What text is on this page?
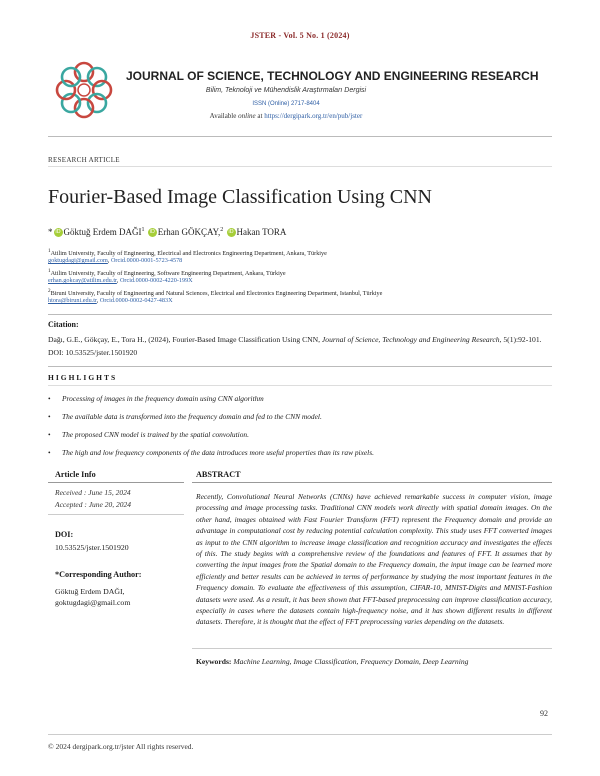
JSTER - Vol. 5 No. 1 (2024)
JOURNAL OF SCIENCE, TECHNOLOGY AND ENGINEERING RESEARCH
Bilim, Teknoloji ve Mühendislik Araştırmaları Dergisi
ISSN (Online) 2717-8404
Available online at https://dergipark.org.tr/en/pub/jster
RESEARCH ARTICLE
Fourier-Based Image Classification Using CNN
* iD Göktuğ Erdem DAĞI$^1$ iD Erhan GÖKÇAY,$^2$ iD Hakan TORA
$^1$Atilim University, Faculty of Engineering, Electrical and Electronics Engineering Department, Ankara, Türkiye
goktugdagi@gmail.com, Orcid.0000-0001-5723-4578
$^1$Atilim University, Faculty of Engineering, Software Engineering Department, Ankara, Türkiye
erhan.gokcay@atilim.edu.tr, Orcid.0000-0002-4220-199X
$^2$Biruni University, Faculty of Engineering and Natural Sciences, Electrical and Electronics Engineering Department, Istanbul, Türkiye
htora@biruni.edu.tr, Orcid.0000-0002-0427-483X
Citation:
Dağı, G.E., Gökçay, E., Tora H., (2024), Fourier-Based Image Classification Using CNN, Journal of Science, Technology and Engineering Research, 5(1):92-101. DOI: 10.53525/jster.1501920
HIGHLIGHTS
• Processing of images in the frequency domain using CNN algorithm
• The available data is transformed into the frequency domain and fed to the CNN model.
• The proposed CNN model is trained by the spatial convolution.
• The high and low frequency components of the data introduces more useful properties than its raw pixels.
Article Info
Received : June 15, 2024
Accepted : June 20, 2024
DOI:
10.53525/jster.1501920
*Corresponding Author:
Göktuğ Erdem DAĞI,
goktugdagi@gmail.com
ABSTRACT
Recently, Convolutional Neural Networks (CNNs) have achieved remarkable success in computer vision, image processing and image processing tasks. Traditional CNN models work directly with spatial domain images. On the other hand, images obtained with Fast Fourier Transform (FFT) represent the Frequency domain and provide an advantage in computational cost by reducing potential calculation complexity. This study uses FFT converted images as input to the CNN algorithm to increase image classification and recognition accuracy and investigates the effects of this. The study begins with a comprehensive review of the foundations and features of FFT. It assumes that by converting the input images from the Spatial domain to the Frequency domain, the input image can be learned more efficiently and better results can be achieved in terms of performance by studying the most important features in the Frequency domain. To evaluate the effectiveness of this assumption, CIFAR-10, MNIST-Digits and MNIST-Fashion datasets were used. As a result, it has been shown that FFT-based preprocessing can improve classification accuracy, especially in cases where the datasets contain high-frequency noise, and it has shown different results in different datasets. Therefore, it is thought that the effect of FFT preprocessing varies depending on the datasets.
Keywords: Machine Learning, Image Classification, Frequency Domain, Deep Learning
92
© 2024 dergipark.org.tr/jster All rights reserved.
